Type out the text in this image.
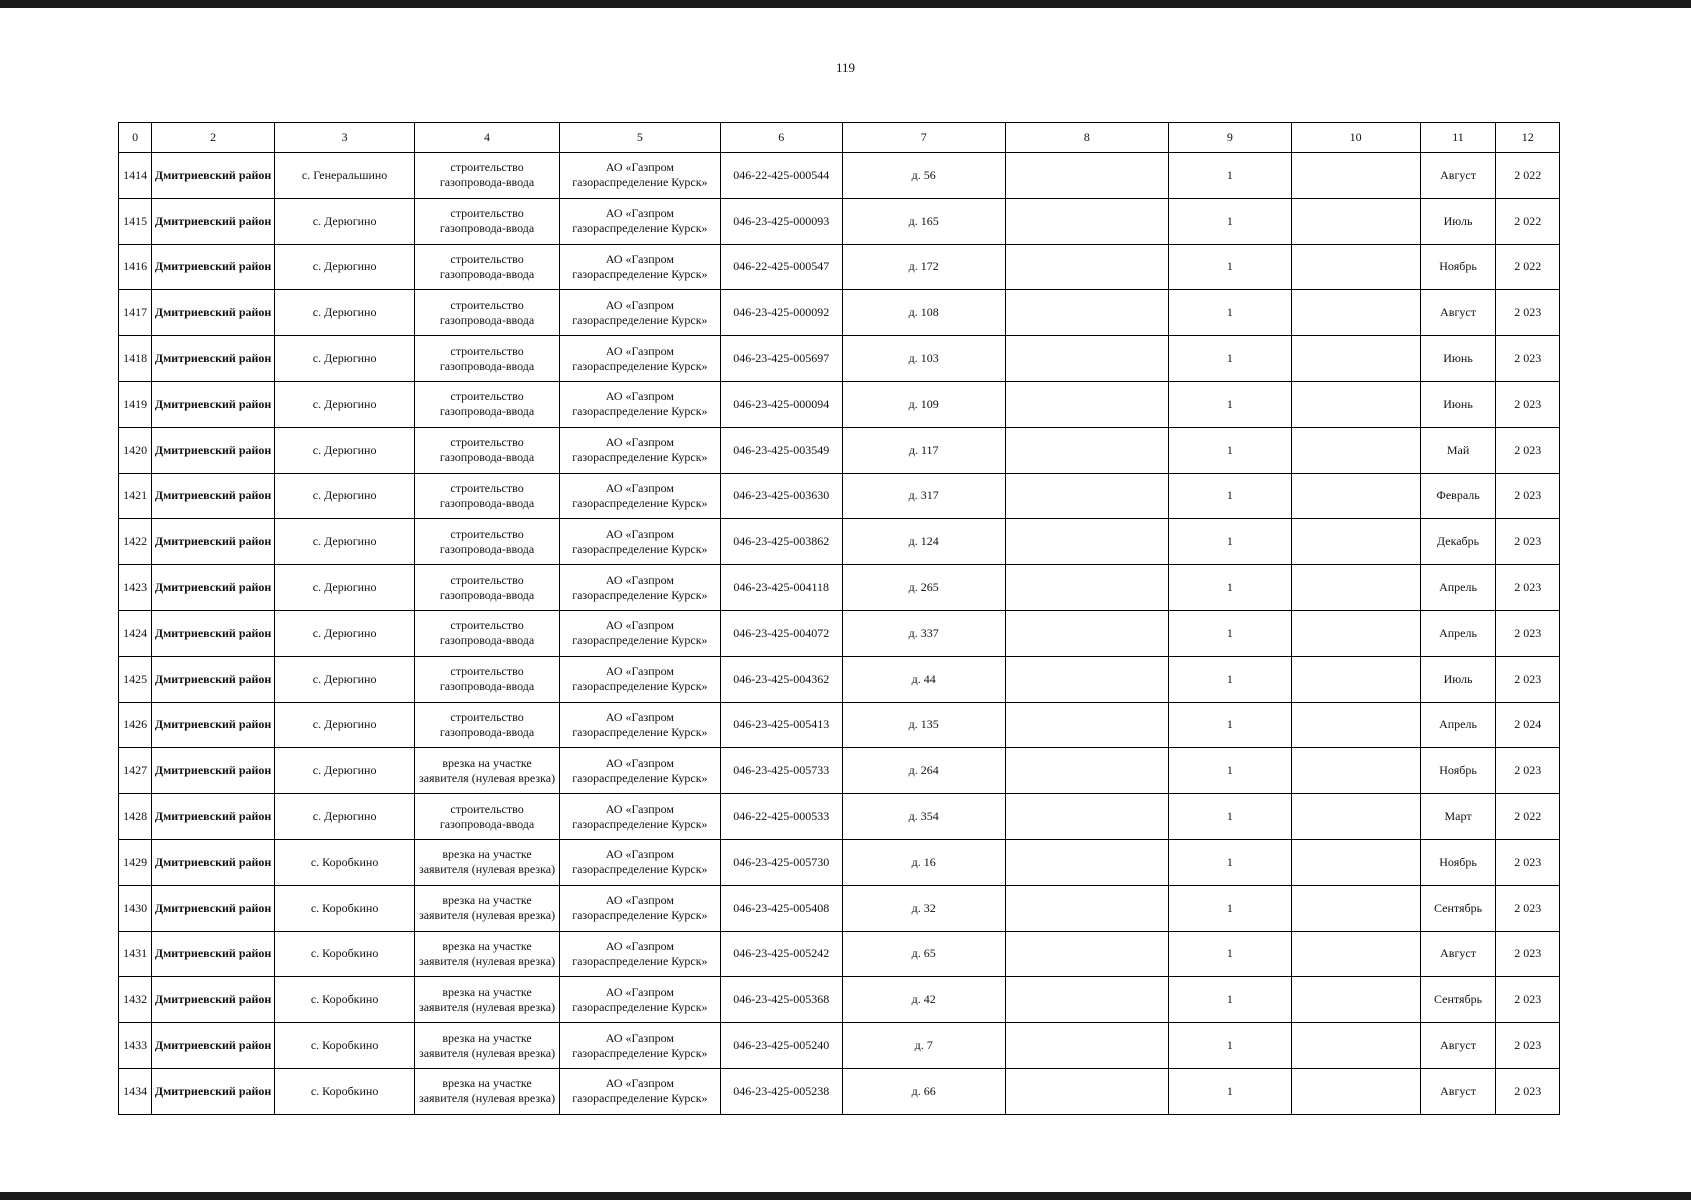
119
0	2	3	4	5	6	7	8	9	10	11	12
1414	Дмитриевский район	с. Генеральшино	строительство газопровода-ввода	АО «Газпром газораспределение Курск»	046-22-425-000544	д. 56		1		Август	2 022
1415	Дмитриевский район	с. Дерюгино	строительство газопровода-ввода	АО «Газпром газораспределение Курск»	046-23-425-000093	д. 165		1		Июль	2 022
1416	Дмитриевский район	с. Дерюгино	строительство газопровода-ввода	АО «Газпром газораспределение Курск»	046-22-425-000547	д. 172		1		Ноябрь	2 022
1417	Дмитриевский район	с. Дерюгино	строительство газопровода-ввода	АО «Газпром газораспределение Курск»	046-23-425-000092	д. 108		1		Август	2 023
1418	Дмитриевский район	с. Дерюгино	строительство газопровода-ввода	АО «Газпром газораспределение Курск»	046-23-425-005697	д. 103		1		Июнь	2 023
1419	Дмитриевский район	с. Дерюгино	строительство газопровода-ввода	АО «Газпром газораспределение Курск»	046-23-425-000094	д. 109		1		Июнь	2 023
1420	Дмитриевский район	с. Дерюгино	строительство газопровода-ввода	АО «Газпром газораспределение Курск»	046-23-425-003549	д. 117		1		Май	2 023
1421	Дмитриевский район	с. Дерюгино	строительство газопровода-ввода	АО «Газпром газораспределение Курск»	046-23-425-003630	д. 317		1		Февраль	2 023
1422	Дмитриевский район	с. Дерюгино	строительство газопровода-ввода	АО «Газпром газораспределение Курск»	046-23-425-003862	д. 124		1		Декабрь	2 023
1423	Дмитриевский район	с. Дерюгино	строительство газопровода-ввода	АО «Газпром газораспределение Курск»	046-23-425-004118	д. 265		1		Апрель	2 023
1424	Дмитриевский район	с. Дерюгино	строительство газопровода-ввода	АО «Газпром газораспределение Курск»	046-23-425-004072	д. 337		1		Апрель	2 023
1425	Дмитриевский район	с. Дерюгино	строительство газопровода-ввода	АО «Газпром газораспределение Курск»	046-23-425-004362	д. 44		1		Июль	2 023
1426	Дмитриевский район	с. Дерюгино	строительство газопровода-ввода	АО «Газпром газораспределение Курск»	046-23-425-005413	д. 135		1		Апрель	2 024
1427	Дмитриевский район	с. Дерюгино	врезка на участке заявителя (нулевая врезка)	АО «Газпром газораспределение Курск»	046-23-425-005733	д. 264		1		Ноябрь	2 023
1428	Дмитриевский район	с. Дерюгино	строительство газопровода-ввода	АО «Газпром газораспределение Курск»	046-22-425-000533	д. 354		1		Март	2 022
1429	Дмитриевский район	с. Коробкино	врезка на участке заявителя (нулевая врезка)	АО «Газпром газораспределение Курск»	046-23-425-005730	д. 16		1		Ноябрь	2 023
1430	Дмитриевский район	с. Коробкино	врезка на участке заявителя (нулевая врезка)	АО «Газпром газораспределение Курск»	046-23-425-005408	д. 32		1		Сентябрь	2 023
1431	Дмитриевский район	с. Коробкино	врезка на участке заявителя (нулевая врезка)	АО «Газпром газораспределение Курск»	046-23-425-005242	д. 65		1		Август	2 023
1432	Дмитриевский район	с. Коробкино	врезка на участке заявителя (нулевая врезка)	АО «Газпром газораспределение Курск»	046-23-425-005368	д. 42		1		Сентябрь	2 023
1433	Дмитриевский район	с. Коробкино	врезка на участке заявителя (нулевая врезка)	АО «Газпром газораспределение Курск»	046-23-425-005240	д. 7		1		Август	2 023
1434	Дмитриевский район	с. Коробкино	врезка на участке заявителя (нулевая врезка)	АО «Газпром газораспределение Курск»	046-23-425-005238	д. 66		1		Август	2 023
